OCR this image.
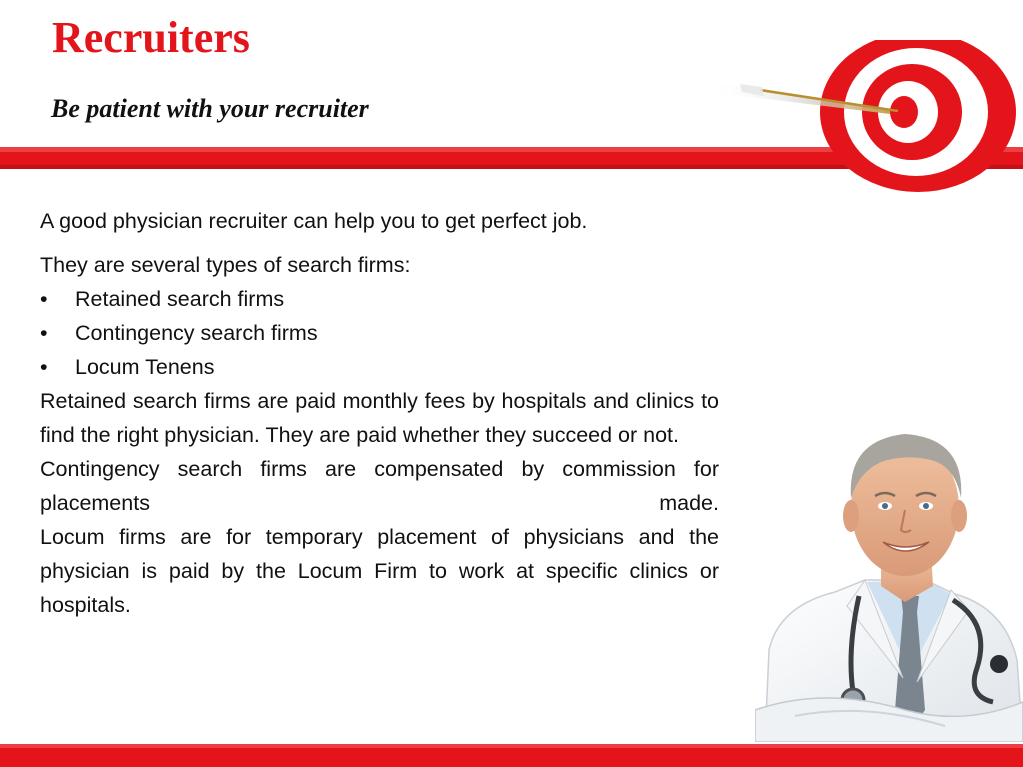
Recruiters
Be patient with your recruiter

A good physician recruiter can help you to get perfect job.

They are several types of search firms:

• Retained search firms
• Contingency search firms
• Locum Tenens

Retained search firms are paid monthly fees by hospitals and clinics to find the right physician. They are paid whether they succeed or not.

Contingency search firms are compensated by commission for placements made.

Locum firms are for temporary placement of physicians and the physician is paid by the Locum Firm to work at specific clinics or hospitals.
